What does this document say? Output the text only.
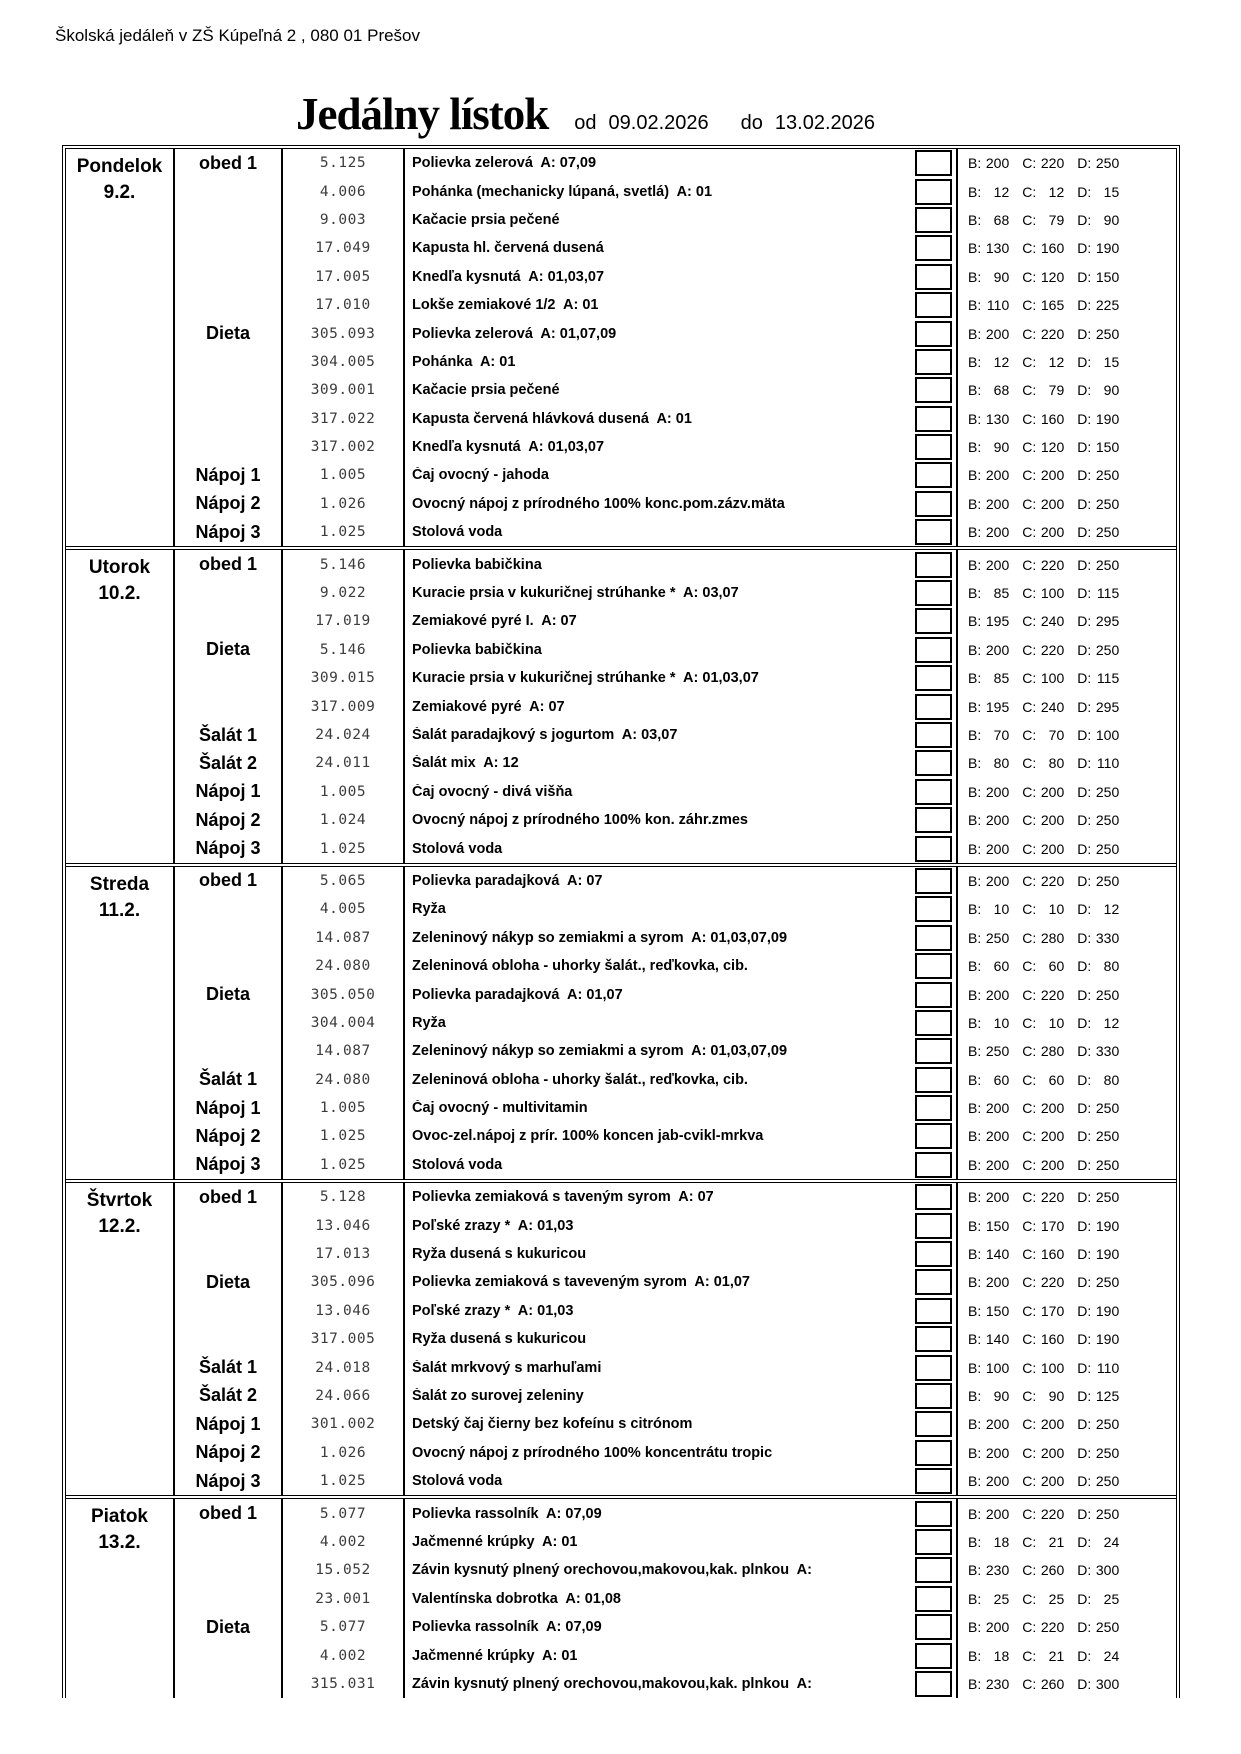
Školská jedáleň v ZŠ Kúpeľná 2 , 080 01 Prešov
Jedálny lístok od 09.02.2026 do 13.02.2026
Pondelok
9.2.
obed 1	5.125	Polievka zelerová  A: 07,09	B: 200 C: 220 D: 250
4.006	Pohánka (mechanicky lúpaná, svetlá)  A: 01	B: 12 C: 12 D: 15
9.003	Kačacie prsia pečené	B: 68 C: 79 D: 90
17.049	Kapusta hl. červená dusená	B: 130 C: 160 D: 190
17.005	Knedľa kysnutá  A: 01,03,07	B: 90 C: 120 D: 150
17.010	Lokše zemiakové 1/2  A: 01	B: 110 C: 165 D: 225
Dieta	305.093	Polievka zelerová  A: 01,07,09	B: 200 C: 220 D: 250
304.005	Pohánka  A: 01	B: 12 C: 12 D: 15
309.001	Kačacie prsia pečené	B: 68 C: 79 D: 90
317.022	Kapusta červená hlávková dusená  A: 01	B: 130 C: 160 D: 190
317.002	Knedľa kysnutá  A: 01,03,07	B: 90 C: 120 D: 150
Nápoj 1	1.005	Čaj ovocný - jahoda	B: 200 C: 200 D: 250
Nápoj 2	1.026	Ovocný nápoj z prírodného 100% konc.pom.zázv.mäta	B: 200 C: 200 D: 250
Nápoj 3	1.025	Stolová voda	B: 200 C: 200 D: 250
Utorok
10.2.
obed 1	5.146	Polievka babičkina	B: 200 C: 220 D: 250
9.022	Kuracie prsia v kukuričnej strúhanke *  A: 03,07	B: 85 C: 100 D: 115
17.019	Zemiakové pyré I.  A: 07	B: 195 C: 240 D: 295
Dieta	5.146	Polievka babičkina	B: 200 C: 220 D: 250
309.015	Kuracie prsia v kukuričnej strúhanke *  A: 01,03,07	B: 85 C: 100 D: 115
317.009	Zemiakové pyré  A: 07	B: 195 C: 240 D: 295
Šalát 1	24.024	Šalát paradajkový s jogurtom  A: 03,07	B: 70 C: 70 D: 100
Šalát 2	24.011	Šalát mix  A: 12	B: 80 C: 80 D: 110
Nápoj 1	1.005	Čaj ovocný - divá višňa	B: 200 C: 200 D: 250
Nápoj 2	1.024	Ovocný nápoj z prírodného 100% kon. záhr.zmes	B: 200 C: 200 D: 250
Nápoj 3	1.025	Stolová voda	B: 200 C: 200 D: 250
Streda
11.2.
obed 1	5.065	Polievka paradajková  A: 07	B: 200 C: 220 D: 250
4.005	Ryža	B: 10 C: 10 D: 12
14.087	Zeleninový nákyp so zemiakmi a syrom  A: 01,03,07,09	B: 250 C: 280 D: 330
24.080	Zeleninová obloha - uhorky šalát., reďkovka, cib.	B: 60 C: 60 D: 80
Dieta	305.050	Polievka paradajková  A: 01,07	B: 200 C: 220 D: 250
304.004	Ryža	B: 10 C: 10 D: 12
14.087	Zeleninový nákyp so zemiakmi a syrom  A: 01,03,07,09	B: 250 C: 280 D: 330
Šalát 1	24.080	Zeleninová obloha - uhorky šalát., reďkovka, cib.	B: 60 C: 60 D: 80
Nápoj 1	1.005	Čaj ovocný - multivitamin	B: 200 C: 200 D: 250
Nápoj 2	1.025	Ovoc-zel.nápoj z prír. 100% koncen jab-cvikl-mrkva	B: 200 C: 200 D: 250
Nápoj 3	1.025	Stolová voda	B: 200 C: 200 D: 250
Štvrtok
12.2.
obed 1	5.128	Polievka zemiaková s taveným syrom  A: 07	B: 200 C: 220 D: 250
13.046	Poľské zrazy *  A: 01,03	B: 150 C: 170 D: 190
17.013	Ryža dusená s kukuricou	B: 140 C: 160 D: 190
Dieta	305.096	Polievka zemiaková s taveveným syrom  A: 01,07	B: 200 C: 220 D: 250
13.046	Poľské zrazy *  A: 01,03	B: 150 C: 170 D: 190
317.005	Ryža dusená s kukuricou	B: 140 C: 160 D: 190
Šalát 1	24.018	Šalát mrkvový s marhuľami	B: 100 C: 100 D: 110
Šalát 2	24.066	Šalát zo surovej zeleniny	B: 90 C: 90 D: 125
Nápoj 1	301.002	Detský čaj čierny bez kofeínu s citrónom	B: 200 C: 200 D: 250
Nápoj 2	1.026	Ovocný nápoj z prírodného 100% koncentrátu tropic	B: 200 C: 200 D: 250
Nápoj 3	1.025	Stolová voda	B: 200 C: 200 D: 250
Piatok
13.2.
obed 1	5.077	Polievka rassolník  A: 07,09	B: 200 C: 220 D: 250
4.002	Jačmenné krúpky  A: 01	B: 18 C: 21 D: 24
15.052	Závin kysnutý plnený orechovou,makovou,kak. plnkou  A:	B: 230 C: 260 D: 300
23.001	Valentínska dobrotka  A: 01,08	B: 25 C: 25 D: 25
Dieta	5.077	Polievka rassolník  A: 07,09	B: 200 C: 220 D: 250
4.002	Jačmenné krúpky  A: 01	B: 18 C: 21 D: 24
315.031	Závin kysnutý plnený orechovou,makovou,kak. plnkou  A:	B: 230 C: 260 D: 300
